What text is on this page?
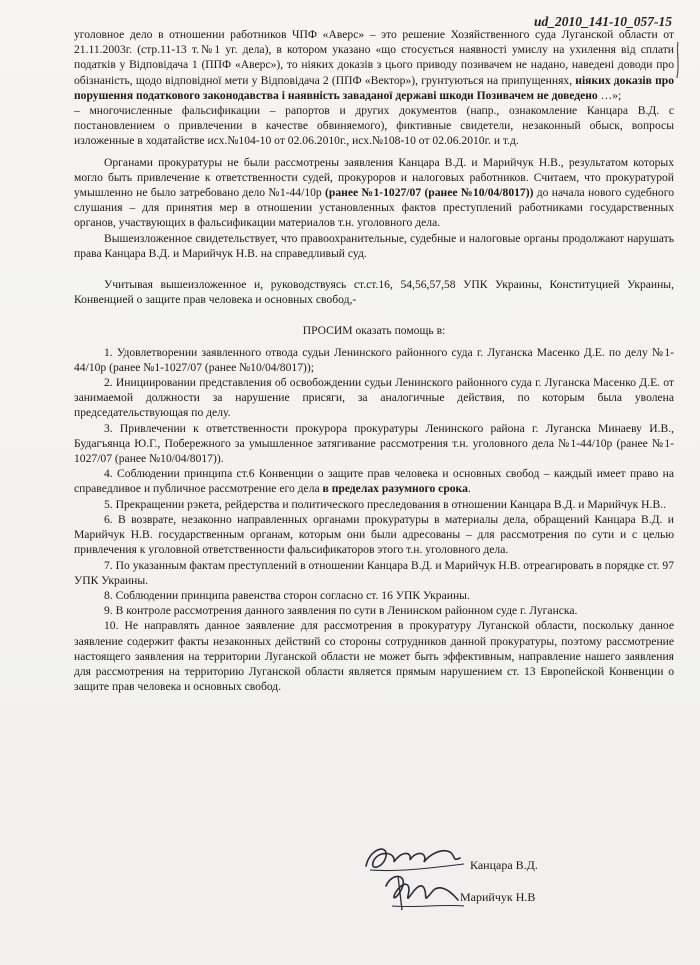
ud_2010_141-10_057-15

уголовное дело в отношении работников ЧПФ «Аверс» – это решение Хозяйственного суда Луганской области от 21.11.2003г. (стр.11-13 т.№1 уг. дела), в котором указано «що стосується наявності умислу на ухилення від сплати податків у Відповідача 1 (ППФ «Аверс»), то ніяких доказів з цього приводу позивачем не надано, наведені доводи про обізнаність, щодо відповідної мети у Відповідача 2 (ППФ «Вектор»), грунтуються на припущеннях, ніяких доказів про порушення податкового законодавства і наявність заваданої державі шкоди Позивачем не доведено …»;

– многочисленные фальсификации – рапортов и других документов (напр., ознакомление Канцара В.Д. с постановлением о привлечении в качестве обвиняемого), фиктивные свидетели, незаконный обыск, вопросы изложенные в ходатайстве исх.№104-10 от 02.06.2010г., исх.№108-10 от 02.06.2010г. и т.д.

Органами прокуратуры не были рассмотрены заявления Канцара В.Д. и Марийчук Н.В., результатом которых могло быть привлечение к ответственности судей, прокуроров и налоговых работников. Считаем, что прокуратурой умышленно не было затребовано дело №1-44/10р (ранее №1-1027/07 (ранее №10/04/8017)) до начала нового судебного слушания – для принятия мер в отношении установленных фактов преступлений работниками государственных органов, участвующих в фальсификации материалов т.н. уголовного дела.

Вышеизложенное свидетельствует, что правоохранительные, судебные и налоговые органы продолжают нарушать права Канцара В.Д. и Марийчук Н.В. на справедливый суд.

Учитывая вышеизложенное и, руководствуясь ст.ст.16, 54,56,57,58 УПК Украины, Конституцией Украины, Конвенцией о защите прав человека и основных свобод,-

ПРОСИМ оказать помощь в:

1. Удовлетворении заявленного отвода судьи Ленинского районного суда г. Луганска Масенко Д.Е. по делу №1-44/10р (ранее №1-1027/07 (ранее №10/04/8017));

2. Инициировании представления об освобождении судьи Ленинского районного суда г. Луганска Масенко Д.Е. от занимаемой должности за нарушение присяги, за аналогичные действия, по которым была уволена председательствующая по делу.

3. Привлечении к ответственности прокурора прокуратуры Ленинского района г. Луганска Минаеву И.В., Будагъянца Ю.Г., Побережного за умышленное затягивание рассмотрения т.н. уголовного дела №1-44/10р (ранее №1-1027/07 (ранее №10/04/8017)).

4. Соблюдении принципа ст.6 Конвенции о защите прав человека и основных свобод – каждый имеет право на справедливое и публичное рассмотрение его дела в пределах разумного срока.

5. Прекращении рэкета, рейдерства и политического преследования в отношении Канцара В.Д. и Марийчук Н.В..

6. В возврате, незаконно направленных органами прокуратуры в материалы дела, обращений Канцара В.Д. и Марийчук Н.В. государственным органам, которым они были адресованы – для рассмотрения по сути и с целью привлечения к уголовной ответственности фальсификаторов этого т.н. уголовного дела.

7. По указанным фактам преступлений в отношении Канцара В.Д. и Марийчук Н.В. отреагировать в порядке ст. 97 УПК Украины.

8. Соблюдении принципа равенства сторон согласно ст. 16 УПК Украины.

9. В контроле рассмотрения данного заявления по сути в Ленинском районном суде г. Луганска.

10. Не направлять данное заявление для рассмотрения в прокуратуру Луганской области, поскольку данное заявление содержит факты незаконных действий со стороны сотрудников данной прокуратуры, поэтому рассмотрение настоящего заявления на территории Луганской области не может быть эффективным, направление нашего заявления для рассмотрения на территорию Луганской области является прямым нарушением ст. 13 Европейской Конвенции о защите прав человека и основных свобод.

Канцара В.Д.
Марийчук Н.В
